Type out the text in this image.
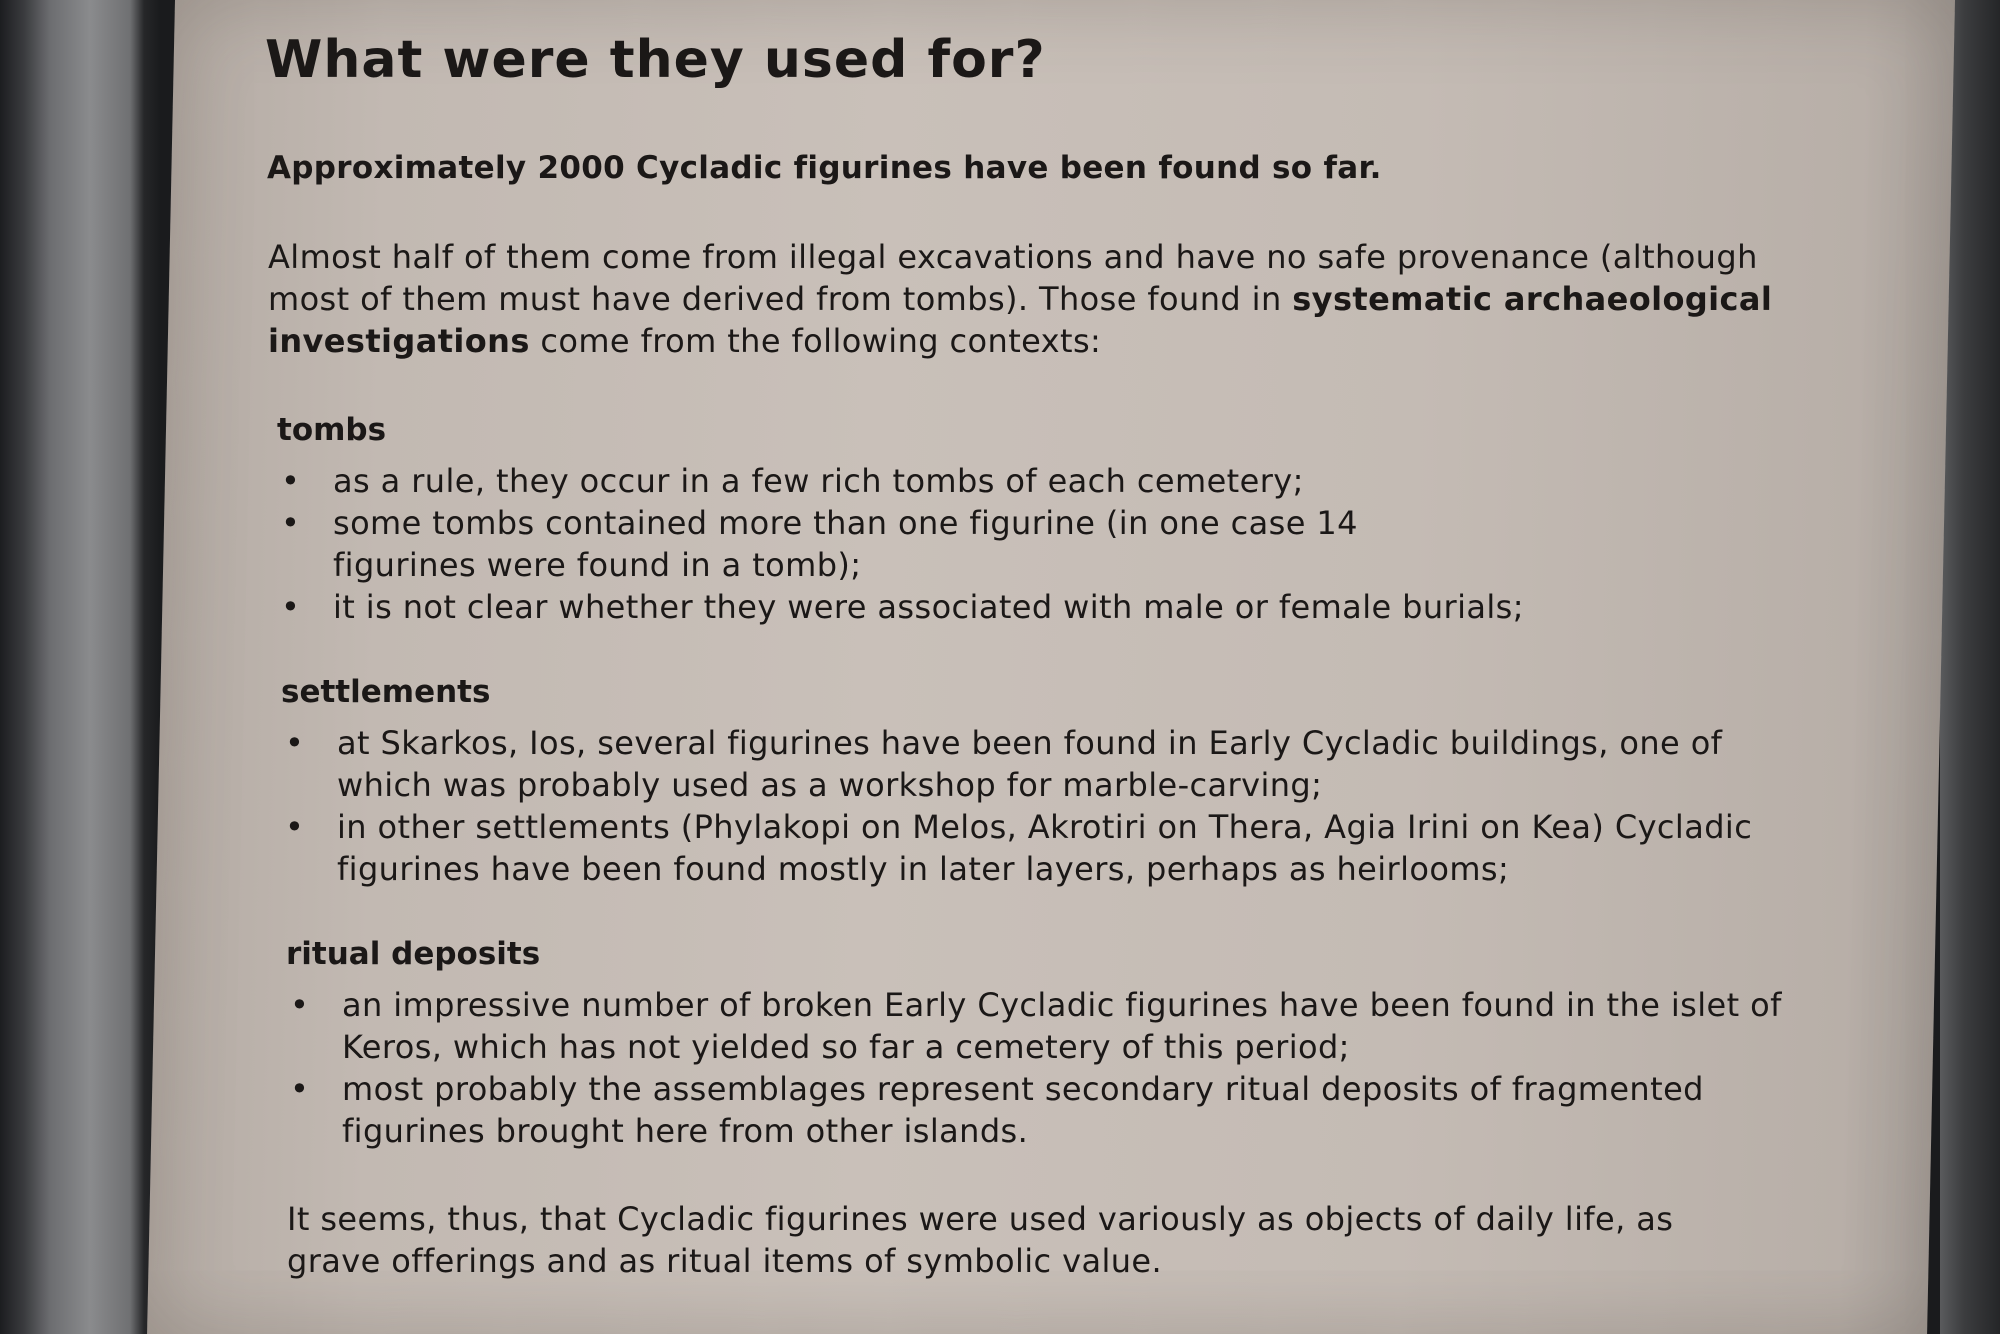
What were they used for?

Approximately 2000 Cycladic figurines have been found so far.

Almost half of them come from illegal excavations and have no safe provenance (although most of them must have derived from tombs). Those found in systematic archaeological investigations come from the following contexts:

tombs
• as a rule, they occur in a few rich tombs of each cemetery;
• some tombs contained more than one figurine (in one case 14 figurines were found in a tomb);
• it is not clear whether they were associated with male or female burials;
settlements
• at Skarkos, Ios, several figurines have been found in Early Cycladic buildings, one of which was probably used as a workshop for marble-carving;
• in other settlements (Phylakopi on Melos, Akrotiri on Thera, Agia Irini on Kea) Cycladic figurines have been found mostly in later layers, perhaps as heirlooms;
ritual deposits
• an impressive number of broken Early Cycladic figurines have been found in the islet of Keros, which has not yielded so far a cemetery of this period;
• most probably the assemblages represent secondary ritual deposits of fragmented figurines brought here from other islands.

It seems, thus, that Cycladic figurines were used variously as objects of daily life, as grave offerings and as ritual items of symbolic value.
